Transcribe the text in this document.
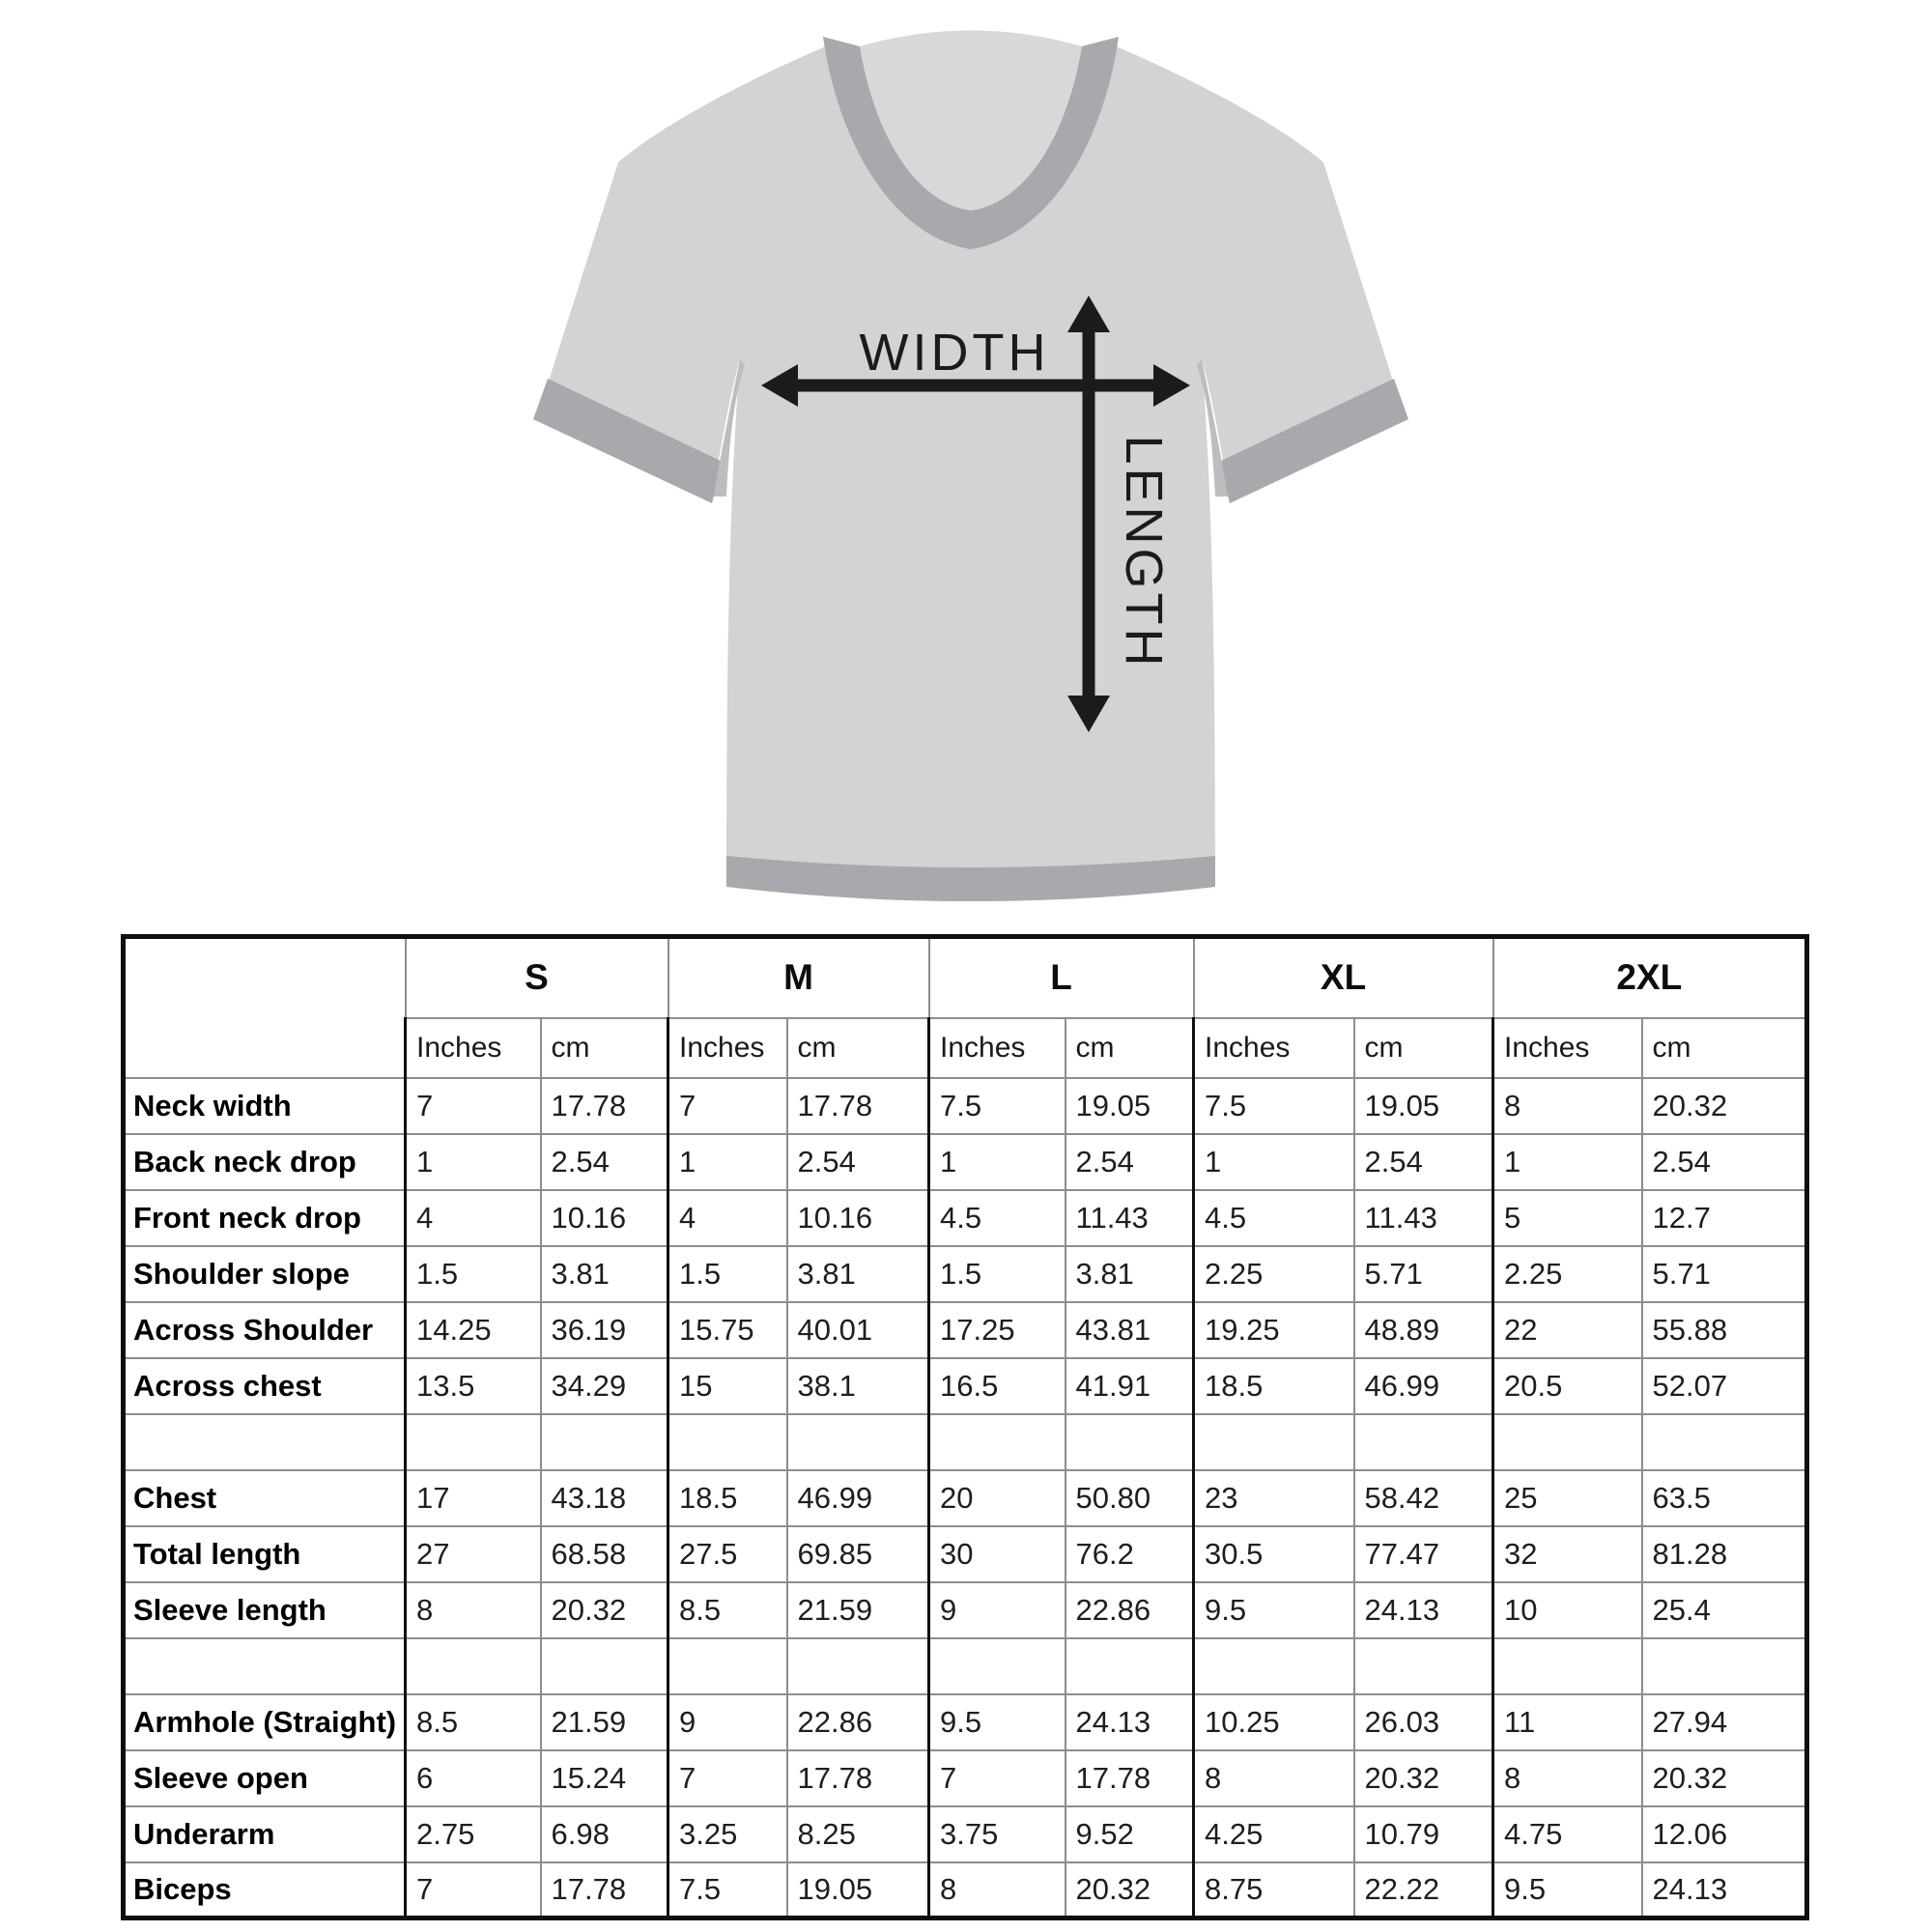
WIDTH
LENGTH
	S		M		L		XL		2XL	
	Inches	cm	Inches	cm	Inches	cm	Inches	cm	Inches	cm
Neck width	7	17.78	7	17.78	7.5	19.05	7.5	19.05	8	20.32
Back neck drop	1	2.54	1	2.54	1	2.54	1	2.54	1	2.54
Front neck drop	4	10.16	4	10.16	4.5	11.43	4.5	11.43	5	12.7
Shoulder slope	1.5	3.81	1.5	3.81	1.5	3.81	2.25	5.71	2.25	5.71
Across Shoulder	14.25	36.19	15.75	40.01	17.25	43.81	19.25	48.89	22	55.88
Across chest	13.5	34.29	15	38.1	16.5	41.91	18.5	46.99	20.5	52.07

Chest	17	43.18	18.5	46.99	20	50.80	23	58.42	25	63.5
Total length	27	68.58	27.5	69.85	30	76.2	30.5	77.47	32	81.28
Sleeve length	8	20.32	8.5	21.59	9	22.86	9.5	24.13	10	25.4

Armhole (Straight)	8.5	21.59	9	22.86	9.5	24.13	10.25	26.03	11	27.94
Sleeve open	6	15.24	7	17.78	7	17.78	8	20.32	8	20.32
Underarm	2.75	6.98	3.25	8.25	3.75	9.52	4.25	10.79	4.75	12.06
Biceps	7	17.78	7.5	19.05	8	20.32	8.75	22.22	9.5	24.13
